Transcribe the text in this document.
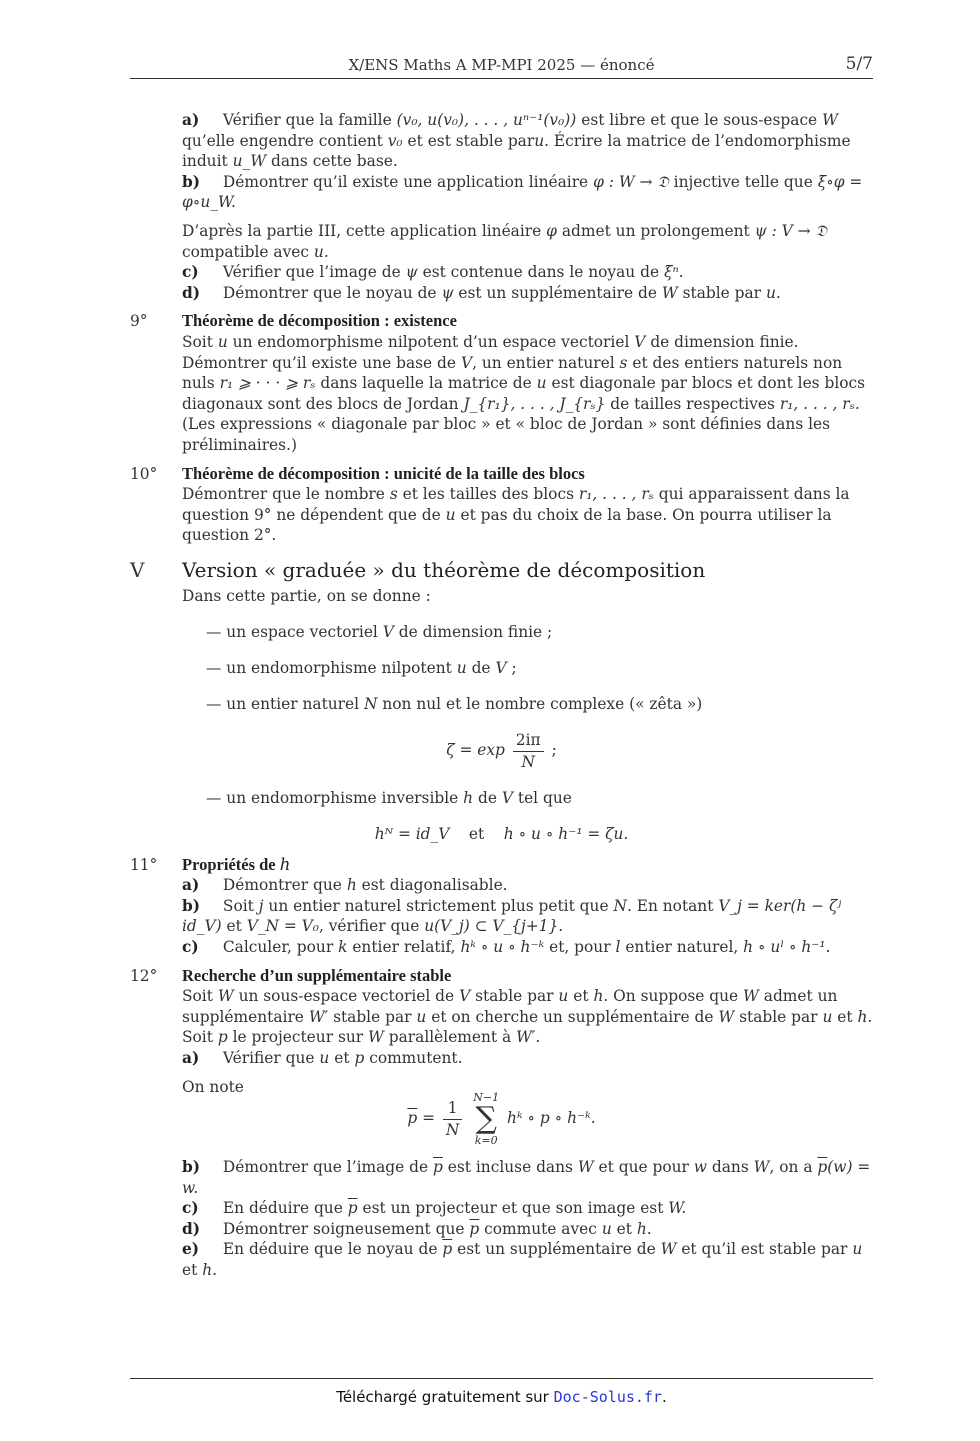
X/ENS Maths A MP-MPI 2025 — énoncé	5/7

a) Vérifier que la famille (v₀, u(v₀), . . . , uⁿ⁻¹(v₀)) est libre et que le sous-espace W qu’elle engendre contient v₀ et est stable paru. Écrire la matrice de l’endomorphisme induit u_W dans cette base.

b) Démontrer qu’il existe une application linéaire φ : W → 𝔇 injective telle que ξ∘φ = φ∘u_W.

D’après la partie III, cette application linéaire φ admet un prolongement ψ : V → 𝔇 compatible avec u.

c) Vérifier que l’image de ψ est contenue dans le noyau de ξⁿ.

d) Démontrer que le noyau de ψ est un supplémentaire de W stable par u.

9°	Théorème de décomposition : existence

Soit u un endomorphisme nilpotent d’un espace vectoriel V de dimension finie.
Démontrer qu’il existe une base de V, un entier naturel s et des entiers naturels non nuls r₁ ⩾ · · · ⩾ rₛ dans laquelle la matrice de u est diagonale par blocs et dont les blocs diagonaux sont des blocs de Jordan J_{r₁}, . . . , J_{rₛ} de tailles respectives r₁, . . . , rₛ.
(Les expressions « diagonale par bloc » et « bloc de Jordan » sont définies dans les préliminaires.)

10°	Théorème de décomposition : unicité de la taille des blocs

Démontrer que le nombre s et les tailles des blocs r₁, . . . , rₛ qui apparaissent dans la question 9° ne dépendent que de u et pas du choix de la base. On pourra utiliser la question 2°.

V	Version « graduée » du théorème de décomposition

Dans cette partie, on se donne :

— un espace vectoriel V de dimension finie ;

— un endomorphisme nilpotent u de V ;

— un entier naturel N non nul et le nombre complexe (« zêta »)

$\zeta = \exp \frac{2i\pi}{N}$ ;

— un endomorphisme inversible h de V tel que

hᴺ = id_V et h ∘ u ∘ h⁻¹ = ζu.
11°	Propriétés de h

a) Démontrer que h est diagonalisable.

b) Soit j un entier naturel strictement plus petit que N. En notant V_j = ker(h − ζʲ id_V) et V_N = V₀, vérifier que u(V_j) ⊂ V_{j+1}.

c) Calculer, pour k entier relatif, hᵏ ∘ u ∘ h⁻ᵏ et, pour l entier naturel, h ∘ uˡ ∘ h⁻¹.

12°	Recherche d’un supplémentaire stable

Soit W un sous-espace vectoriel de V stable par u et h. On suppose que W admet un supplémentaire W′ stable par u et on cherche un supplémentaire de W stable par u et h.
Soit p le projecteur sur W parallèlement à W′.

a) Vérifier que u et p commutent.

On note

$\overline{p} = \frac{1}{N}$

N−1
∑
k=0
hᵏ ∘ p ∘ h⁻ᵏ.

b) Démontrer que l’image de $\overline{p}$ est incluse dans W et que pour w dans W, on a $\overline{p}(w) = w$.

c) En déduire que $\overline{p}$ est un projecteur et que son image est W.

d) Démontrer soigneusement que $\overline{p}$ commute avec u et h.

e) En déduire que le noyau de $\overline{p}$ est un supplémentaire de W et qu’il est stable par u et h.

Téléchargé gratuitement sur Doc-Solus.fr.
